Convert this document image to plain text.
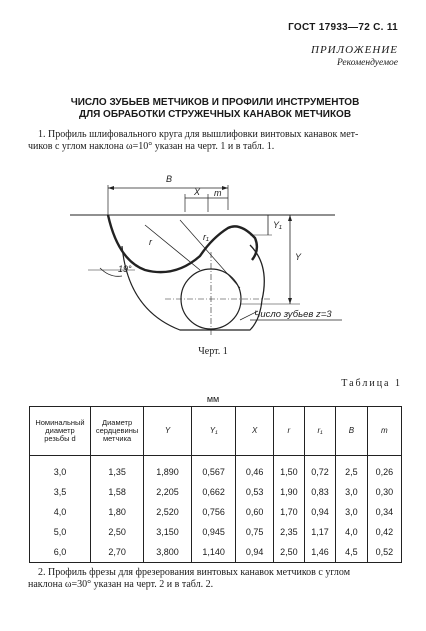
ГОСТ 17933—72 С. 11
ПРИЛОЖЕНИЕ
Рекомендуемое
ЧИСЛО ЗУБЬЕВ МЕТЧИКОВ И ПРОФИЛИ ИНСТРУМЕНТОВ
ДЛЯ ОБРАБОТКИ СТРУЖЕЧНЫХ КАНАВОК МЕТЧИКОВ
1. Профиль шлифовального круга для вышлифовки винтовых канавок мет-
чиков с углом наклона ω=10° указан на черт. 1 и в табл. 1.
B
X m
r	r₁
Y
Y₁
19°
Число зубьев z=3
Черт. 1
Таблица 1
мм
Номинальный диаметр резьбы d	Диаметр сердцевины метчика	Y	Y₁	X	r	r₁	B	m
3,0	1,35	1,890	0,567	0,46	1,50	0,72	2,5	0,26
3,5	1,58	2,205	0,662	0,53	1,90	0,83	3,0	0,30
4,0	1,80	2,520	0,756	0,60	1,70	0,94	3,0	0,34
5,0	2,50	3,150	0,945	0,75	2,35	1,17	4,0	0,42
6,0	2,70	3,800	1,140	0,94	2,50	1,46	4,5	0,52
2. Профиль фрезы для фрезерования винтовых канавок метчиков с углом
наклона ω=30° указан на черт. 2 и в табл. 2.
